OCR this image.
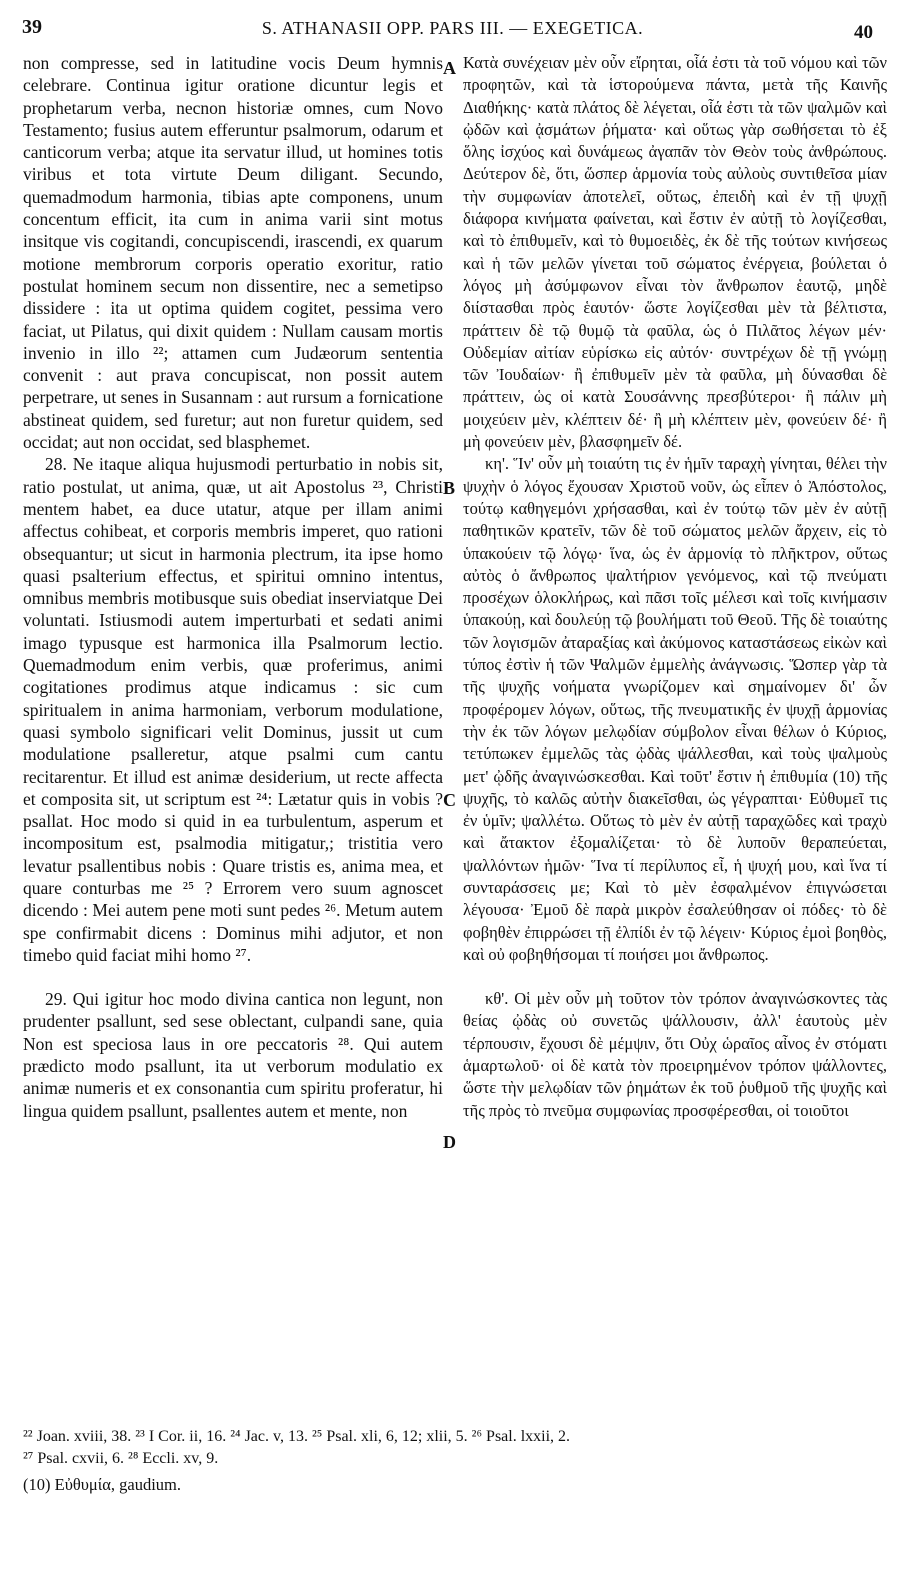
39	S. ATHANASII OPP. PARS III. — EXEGETICA.	40

non compresse, sed in latitudine vocis Deum hymnis celebrare. Continua igitur oratione dicuntur legis et prophetarum verba, necnon historiæ omnes, cum Novo Testamento; fusius autem efferuntur psalmorum, odarum et canticorum verba; atque ita servatur illud, ut homines totis viribus et tota virtute Deum diligant. Secundo, quemadmodum harmonia, tibias apte componens, unum concentum efficit, ita cum in anima varii sint motus insitque vis cogitandi, concupiscendi, irascendi, ex quarum motione membrorum corporis operatio exoritur, ratio postulat hominem secum non dissentire, nec a semetipso dissidere : ita ut optima quidem cogitet, pessima vero faciat, ut Pilatus, qui dixit quidem : Nullam causam mortis invenio in illo ²²; attamen cum Judæorum sententia convenit : aut prava concupiscat, non possit autem perpetrare, ut senes in Susannam : aut rursum a fornicatione abstineat quidem, sed furetur; aut non furetur quidem, sed occidat; aut non occidat, sed blasphemet.

28. Ne itaque aliqua hujusmodi perturbatio in nobis sit, ratio postulat, ut anima, quæ, ut ait Apostolus ²³, Christi mentem habet, ea duce utatur, atque per illam animi affectus cohibeat, et corporis membris imperet, quo rationi obsequantur; ut sicut in harmonia plectrum, ita ipse homo quasi psalterium effectus, et spiritui omnino intentus, omnibus membris motibusque suis obediat inserviatque Dei voluntati. Istiusmodi autem imperturbati et sedati animi imago typusque est harmonica illa Psalmorum lectio. Quemadmodum enim verbis, quæ proferimus, animi cogitationes prodimus atque indicamus : sic cum spiritualem in anima harmoniam, verborum modulatione, quasi symbolo significari velit Dominus, jussit ut cum modulatione psalleretur, atque psalmi cum cantu recitarentur. Et illud est animæ desiderium, ut recte affecta et composita sit, ut scriptum est ²⁴: Lætatur quis in vobis ? psallat. Hoc modo si quid in ea turbulentum, asperum et incompositum est, psalmodia mitigatur,; tristitia vero levatur psallentibus nobis : Quare tristis es, anima mea, et quare conturbas me ²⁵ ? Errorem vero suum agnoscet dicendo : Mei autem pene moti sunt pedes ²⁶. Metum autem spe confirmabit dicens : Dominus mihi adjutor, et non timebo quid faciat mihi homo ²⁷.

29. Qui igitur hoc modo divina cantica non legunt, non prudenter psallunt, sed sese oblectant, culpandi sane, quia Non est speciosa laus in ore peccatoris ²⁸. Qui autem prædicto modo psallunt, ita ut verborum modulatio ex animæ numeris et ex consonantia cum spiritu proferatur, hi lingua quidem psallunt, psallentes autem et mente, non

Κατὰ συνέχειαν μὲν οὖν εἴρηται, οἷά ἐστι τὰ τοῦ νόμου καὶ τῶν προφητῶν, καὶ τὰ ἱστορούμενα πάντα, μετὰ τῆς Καινῆς Διαθήκης· κατὰ πλάτος δὲ λέγεται, οἷά ἐστι τὰ τῶν ψαλμῶν καὶ ᾠδῶν καὶ ᾀσμάτων ῥήματα· καὶ οὕτως γὰρ σωθήσεται τὸ ἐξ ὅλης ἰσχύος καὶ δυνάμεως ἀγαπᾶν τὸν Θεὸν τοὺς ἀνθρώπους. Δεύτερον δὲ, ὅτι, ὥσπερ ἁρμονία τοὺς αὐλοὺς συντιθεῖσα μίαν τὴν συμφωνίαν ἀποτελεῖ, οὕτως, ἐπειδὴ καὶ ἐν τῇ ψυχῇ διάφορα κινήματα φαίνεται, καὶ ἔστιν ἐν αὐτῇ τὸ λογίζεσθαι, καὶ τὸ ἐπιθυμεῖν, καὶ τὸ θυμοειδὲς, ἐκ δὲ τῆς τούτων κινήσεως καὶ ἡ τῶν μελῶν γίνεται τοῦ σώματος ἐνέργεια, βούλεται ὁ λόγος μὴ ἀσύμφωνον εἶναι τὸν ἄνθρωπον ἑαυτῷ, μηδὲ διίστασθαι πρὸς ἑαυτόν· ὥστε λογίζεσθαι μὲν τὰ βέλτιστα, πράττειν δὲ τῷ θυμῷ τὰ φαῦλα, ὡς ὁ Πιλᾶτος λέγων μέν· Οὐδεμίαν αἰτίαν εὑρίσκω εἰς αὐτόν· συντρέχων δὲ τῇ γνώμῃ τῶν Ἰουδαίων· ἢ ἐπιθυμεῖν μὲν τὰ φαῦλα, μὴ δύνασθαι δὲ πράττειν, ὡς οἱ κατὰ Σουσάννης πρεσβύτεροι· ἢ πάλιν μὴ μοιχεύειν μὲν, κλέπτειν δέ· ἢ μὴ κλέπτειν μὲν, φονεύειν δέ· ἢ μὴ φονεύειν μὲν, βλασφημεῖν δέ.

κη'. Ἵν' οὖν μὴ τοιαύτη τις ἐν ἡμῖν ταραχὴ γίνηται, θέλει τὴν ψυχὴν ὁ λόγος ἔχουσαν Χριστοῦ νοῦν, ὡς εἶπεν ὁ Ἀπόστολος, τούτῳ καθηγεμόνι χρήσασθαι, καὶ ἐν τούτῳ τῶν μὲν ἐν αὐτῇ παθητικῶν κρατεῖν, τῶν δὲ τοῦ σώματος μελῶν ἄρχειν, εἰς τὸ ὑπακούειν τῷ λόγῳ· ἵνα, ὡς ἐν ἁρμονίᾳ τὸ πλῆκτρον, οὕτως αὐτὸς ὁ ἄνθρωπος ψαλτήριον γενόμενος, καὶ τῷ πνεύματι προσέχων ὁλοκλήρως, καὶ πᾶσι τοῖς μέλεσι καὶ τοῖς κινήμασιν ὑπακούῃ, καὶ δουλεύῃ τῷ βουλήματι τοῦ Θεοῦ. Τῆς δὲ τοιαύτης τῶν λογισμῶν ἀταραξίας καὶ ἀκύμονος καταστάσεως εἰκὼν καὶ τύπος ἐστὶν ἡ τῶν Ψαλμῶν ἐμμελὴς ἀνάγνωσις. Ὥσπερ γὰρ τὰ τῆς ψυχῆς νοήματα γνωρίζομεν καὶ σημαίνομεν δι' ὧν προφέρομεν λόγων, οὕτως, τῆς πνευματικῆς ἐν ψυχῇ ἁρμονίας τὴν ἐκ τῶν λόγων μελῳδίαν σύμβολον εἶναι θέλων ὁ Κύριος, τετύπωκεν ἐμμελῶς τὰς ᾠδὰς ψάλλεσθαι, καὶ τοὺς ψαλμοὺς μετ' ᾠδῆς ἀναγινώσκεσθαι. Καὶ τοῦτ' ἔστιν ἡ ἐπιθυμία (10) τῆς ψυχῆς, τὸ καλῶς αὐτὴν διακεῖσθαι, ὡς γέγραπται· Εὐθυμεῖ τις ἐν ὑμῖν; ψαλλέτω. Οὕτως τὸ μὲν ἐν αὐτῇ ταραχῶδες καὶ τραχὺ καὶ ἄτακτον ἐξομαλίζεται· τὸ δὲ λυποῦν θεραπεύεται, ψαλλόντων ἡμῶν· Ἵνα τί περίλυπος εἶ, ἡ ψυχή μου, καὶ ἵνα τί συνταράσσεις με; Καὶ τὸ μὲν ἐσφαλμένον ἐπιγνώσεται λέγουσα· Ἐμοῦ δὲ παρὰ μικρὸν ἐσαλεύθησαν οἱ πόδες· τὸ δὲ φοβηθὲν ἐπιρρώσει τῇ ἐλπίδι ἐν τῷ λέγειν· Κύριος ἐμοὶ βοηθὸς, καὶ οὐ φοβηθήσομαι τί ποιήσει μοι ἄνθρωπος.

κθ'. Οἱ μὲν οὖν μὴ τοῦτον τὸν τρόπον ἀναγινώσκοντες τὰς θείας ᾠδὰς οὐ συνετῶς ψάλλουσιν, ἀλλ' ἑαυτοὺς μὲν τέρπουσιν, ἔχουσι δὲ μέμψιν, ὅτι Οὐχ ὡραῖος αἶνος ἐν στόματι ἁμαρτωλοῦ· οἱ δὲ κατὰ τὸν προειρημένον τρόπον ψάλλοντες, ὥστε τὴν μελῳδίαν τῶν ῥημάτων ἐκ τοῦ ῥυθμοῦ τῆς ψυχῆς καὶ τῆς πρὸς τὸ πνεῦμα συμφωνίας προσφέρεσθαι, οἱ τοιοῦτοι

A
B
C
D
²² Joan. xviii, 38. ²³ I Cor. ii, 16. ²⁴ Jac. v, 13. ²⁵ Psal. xli, 6, 12; xlii, 5. ²⁶ Psal. lxxii, 2.
²⁷ Psal. cxvii, 6. ²⁸ Eccli. xv, 9.
(10) Εὐθυμία, gaudium.
